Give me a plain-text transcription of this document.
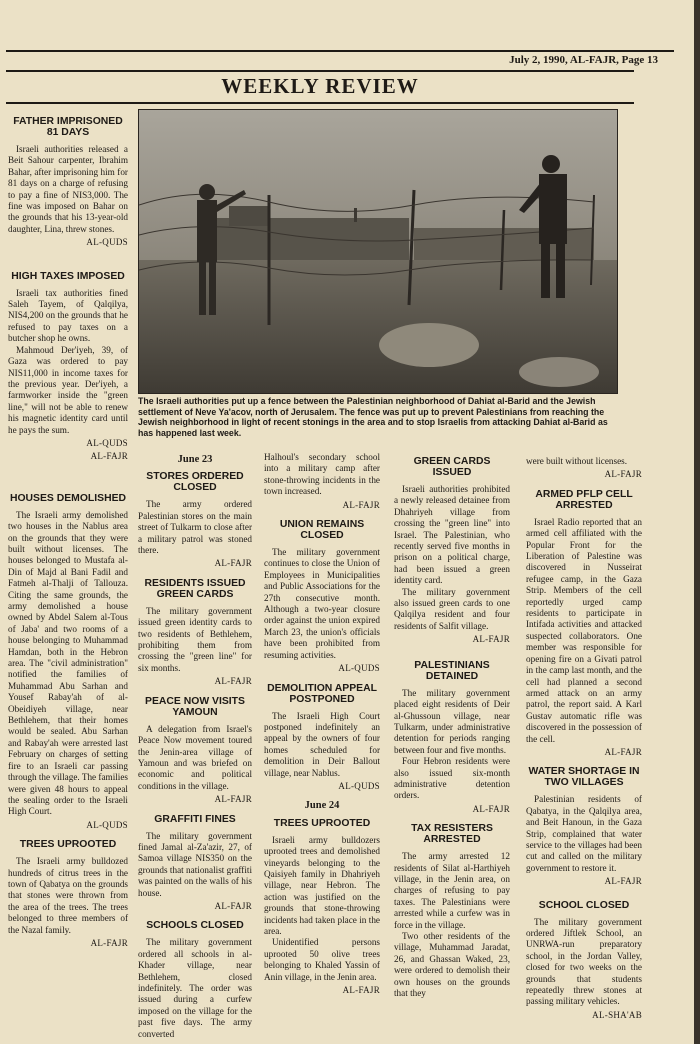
July 2, 1990, AL-FAJR, Page 13
WEEKLY REVIEW
FATHER IMPRISONED 81 DAYS

Israeli authorities released a Beit Sahour carpenter, Ibrahim Bahar, after imprisoning him for 81 days on a charge of refusing to pay a fine of NIS3,000. The fine was imposed on Bahar on the grounds that his 13-year-old daughter, Lina, threw stones.

AL-QUDS
HIGH TAXES IMPOSED

Israeli tax authorities fined Saleh Tayem, of Qalqilya, NIS4,200 on the grounds that he refused to pay taxes on a butcher shop he owns.

Mahmoud Der'iyeh, 39, of Gaza was ordered to pay NIS11,000 in income taxes for the previous year. Der'iyeh, a farmworker inside the "green line," will not be able to renew his magnetic identity card until he pays the sum.

AL-QUDS
AL-FAJR
HOUSES DEMOLISHED

The Israeli army demolished two houses in the Nablus area on the grounds that they were built without licenses. The houses belonged to Mustafa al-Din of Majd al Bani Fadil and Fatmeh al-Thalji of Tallouza. Citing the same grounds, the army demolished a house owned by Abdel Salem al-Tous of Jaba' and two rooms of a house belonging to Muhammad Hamdan, both in the Hebron area. The "civil administration" notified the families of Muhammad Abu Sarhan and Yousef Rabay'ah of al-Obeidiyeh village, near Bethlehem, that their homes would be sealed. Abu Sarhan and Rabay'ah were arrested last February on charges of setting fire to an Israeli car passing through the village. The families were given 48 hours to appeal the sealing order to the Israeli High Court.

AL-QUDS
TREES UPROOTED

The Israeli army bulldozed hundreds of citrus trees in the town of Qabatya on the grounds that stones were thrown from the area of the trees. The trees belonged to three members of the Nazal family.

AL-FAJR
The Israeli authorities put up a fence between the Palestinian neighborhood of Dahiat al-Barid and the Jewish settlement of Neve Ya'acov, north of Jerusalem. The fence was put up to prevent Palestinians from reaching the Jewish neighborhood in light of recent stonings in the area and to stop Israelis from attacking Dahiat al-Barid as has happened last week.
June 23
STORES ORDERED CLOSED

The army ordered Palestinian stores on the main street of Tulkarm to close after a military patrol was stoned there.

AL-FAJR
RESIDENTS ISSUED GREEN CARDS

The military government issued green identity cards to two residents of Bethlehem, prohibiting them from crossing the "green line" for six months.

AL-FAJR
PEACE NOW VISITS YAMOUN

A delegation from Israel's Peace Now movement toured the Jenin-area village of Yamoun and was briefed on economic and political conditions in the village.

AL-FAJR
GRAFFITI FINES

The military government fined Jamal al-Za'azir, 27, of Samoa village NIS350 on the grounds that nationalist graffiti was painted on the walls of his house.

AL-FAJR
SCHOOLS CLOSED

The military government ordered all schools in al-Khader village, near Bethlehem, closed indefinitely. The order was issued during a curfew imposed on the village for the past five days. The army converted

Halhoul's secondary school into a military camp after stone-throwing incidents in the town increased.

AL-FAJR
UNION REMAINS CLOSED

The military government continues to close the Union of Employees in Municipalities and Public Associations for the 27th consecutive month. Although a two-year closure order against the union expired March 23, the union's officials have been prohibited from resuming activities.

AL-QUDS
DEMOLITION APPEAL POSTPONED

The Israeli High Court postponed indefinitely an appeal by the owners of four homes scheduled for demolition in Deir Ballout village, near Nablus.

AL-QUDS
June 24
TREES UPROOTED

Israeli army bulldozers uprooted trees and demolished vineyards belonging to the Qaisiyeh family in Dhahriyeh village, near Hebron. The action was justified on the grounds that stone-throwing incidents had taken place in the area.

Unidentified persons uprooted 50 olive trees belonging to Khaled Yassin of Anin village, in the Jenin area.

AL-FAJR
GREEN CARDS ISSUED

Israeli authorities prohibited a newly released detainee from Dhahriyeh village from crossing the "green line" into Israel. The Palestinian, who recently served five months in prison on a political charge, had been issued a green identity card.

The military government also issued green cards to one Qalqilya resident and four residents of Salfit village.

AL-FAJR
PALESTINIANS DETAINED

The military government placed eight residents of Deir al-Ghussoun village, near Tulkarm, under administrative detention for periods ranging between four and five months.

Four Hebron residents were also issued six-month administrative detention orders.

AL-FAJR
TAX RESISTERS ARRESTED

The army arrested 12 residents of Silat al-Harthiyeh village, in the Jenin area, on charges of refusing to pay taxes. The Palestinians were arrested while a curfew was in force in the village.

Two other residents of the village, Muhammad Jaradat, 26, and Ghassan Waked, 23, were ordered to demolish their own houses on the grounds that they

were built without licenses.

AL-FAJR
ARMED PFLP CELL ARRESTED

Israel Radio reported that an armed cell affiliated with the Popular Front for the Liberation of Palestine was discovered in Nusseirat refugee camp, in the Gaza Strip. Members of the cell reportedly urged camp residents to participate in Intifada activities and attacked suspected collaborators. One member was responsible for opening fire on a Givati patrol in the camp last month, and the cell had planned a second armed attack on an army patrol, the report said. A Karl Gustav automatic rifle was discovered in the possession of the cell.

AL-FAJR
WATER SHORTAGE IN TWO VILLAGES

Palestinian residents of Qabatya, in the Qalqilya area, and Beit Hanoun, in the Gaza Strip, complained that water service to the villages had been cut and called on the military government to restore it.

AL-FAJR
SCHOOL CLOSED

The military government ordered Jiftlek School, an UNRWA-run preparatory school, in the Jordan Valley, closed for two weeks on the grounds that students repeatedly threw stones at passing military vehicles.

AL-SHA'AB
